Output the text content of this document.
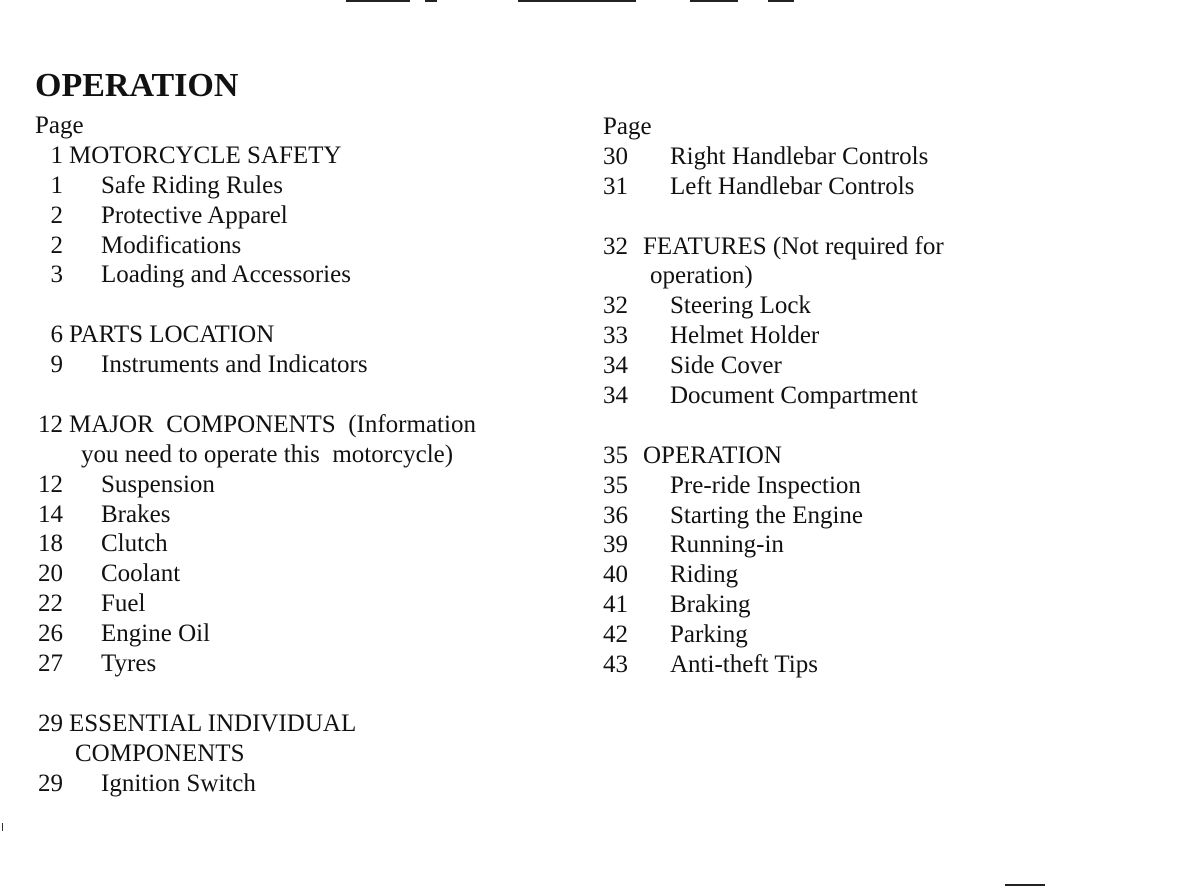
OPERATION
Page
1 MOTORCYCLE SAFETY
1	Safe Riding Rules
2	Protective Apparel
2	Modifications
3	Loading and Accessories
6 PARTS LOCATION
9	Instruments and Indicators
12 MAJOR  COMPONENTS  (Information
you need to operate this  motorcycle)
12	Suspension
14	Brakes
18	Clutch
20	Coolant
22	Fuel
26	Engine Oil
27	Tyres
29 ESSENTIAL INDIVIDUAL
COMPONENTS
29	Ignition Switch
Page
30	Right Handlebar Controls
31	Left Handlebar Controls
32 FEATURES (Not required for
operation)
32	Steering Lock
33	Helmet Holder
34	Side Cover
34	Document Compartment
35 OPERATION
35	Pre-ride Inspection
36	Starting the Engine
39	Running-in
40	Riding
41	Braking
42	Parking
43	Anti-theft Tips
